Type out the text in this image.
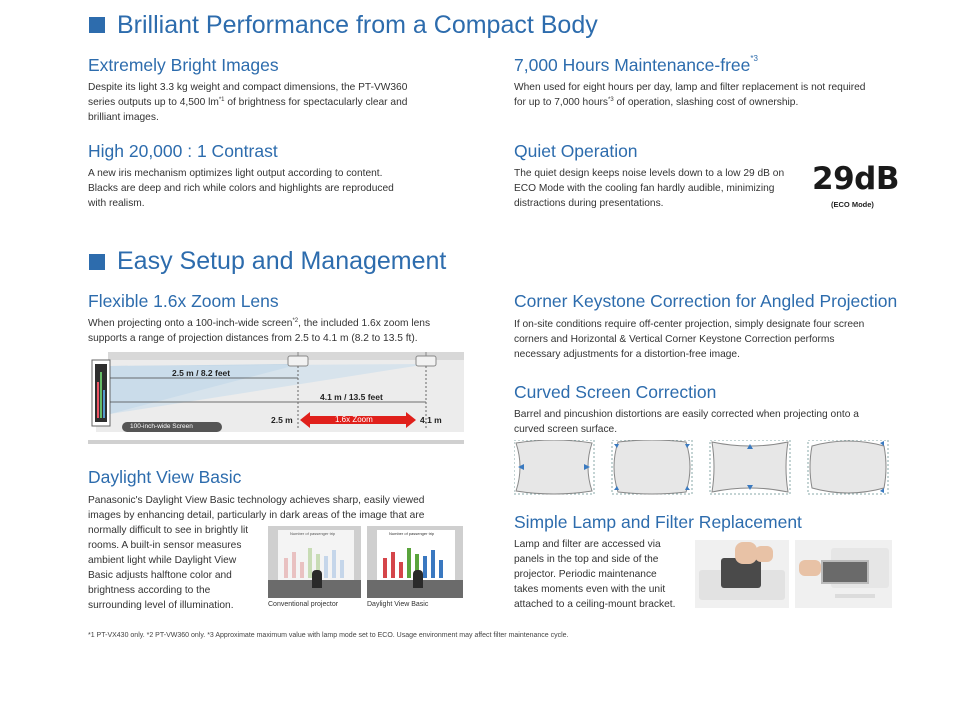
Brilliant Performance from a Compact Body
Extremely Bright Images
Despite its light 3.3 kg weight and compact dimensions, the PT-VW360
series outputs up to 4,500 $lm^{*1}$ of brightness for spectacularly clear and
brilliant images.
7,000 Hours Maintenance-free$^{*3}$
When used for eight hours per day, lamp and filter replacement is not required
for up to 7,000 hours$^{*3}$ of operation, slashing cost of ownership.
High 20,000 : 1 Contrast
A new iris mechanism optimizes light output according to content.
Blacks are deep and rich while colors and highlights are reproduced
with realism.
Quiet Operation
The quiet design keeps noise levels down to a low 29 dB on
ECO Mode with the cooling fan hardly audible, minimizing
distractions during presentations.
29dB
(ECO Mode)
Easy Setup and Management
Flexible 1.6x Zoom Lens
When projecting onto a 100-inch-wide screen$^{*2}$, the included 1.6x zoom lens
supports a range of projection distances from 2.5 to 4.1 m (8.2 to 13.5 ft).
2.5 m / 8.2 feet
4.1 m / 13.5 feet
2.5 m	1.6x Zoom	4.1 m
100-inch-wide Screen
Corner Keystone Correction for Angled Projection
If on-site conditions require off-center projection, simply designate four screen
corners and Horizontal & Vertical Corner Keystone Correction performs
necessary adjustments for a distortion-free image.
Curved Screen Correction
Barrel and pincushion distortions are easily corrected when projecting onto a
curved screen surface.
Daylight View Basic
Panasonic's Daylight View Basic technology achieves sharp, easily viewed
images by enhancing detail, particularly in dark areas of the image that are
normally difficult to see in brightly lit
rooms. A built-in sensor measures
ambient light while Daylight View
Basic adjusts halftone color and
brightness according to the
surrounding level of illumination.
Number of passenger trip
Conventional projector
Number of passenger trip
Daylight View Basic
Simple Lamp and Filter Replacement
Lamp and filter are accessed via
panels in the top and side of the
projector. Periodic maintenance
takes moments even with the unit
attached to a ceiling-mount bracket.
*1 PT-VX430 only. *2 PT-VW360 only. *3 Approximate maximum value with lamp mode set to ECO. Usage environment may affect filter maintenance cycle.
